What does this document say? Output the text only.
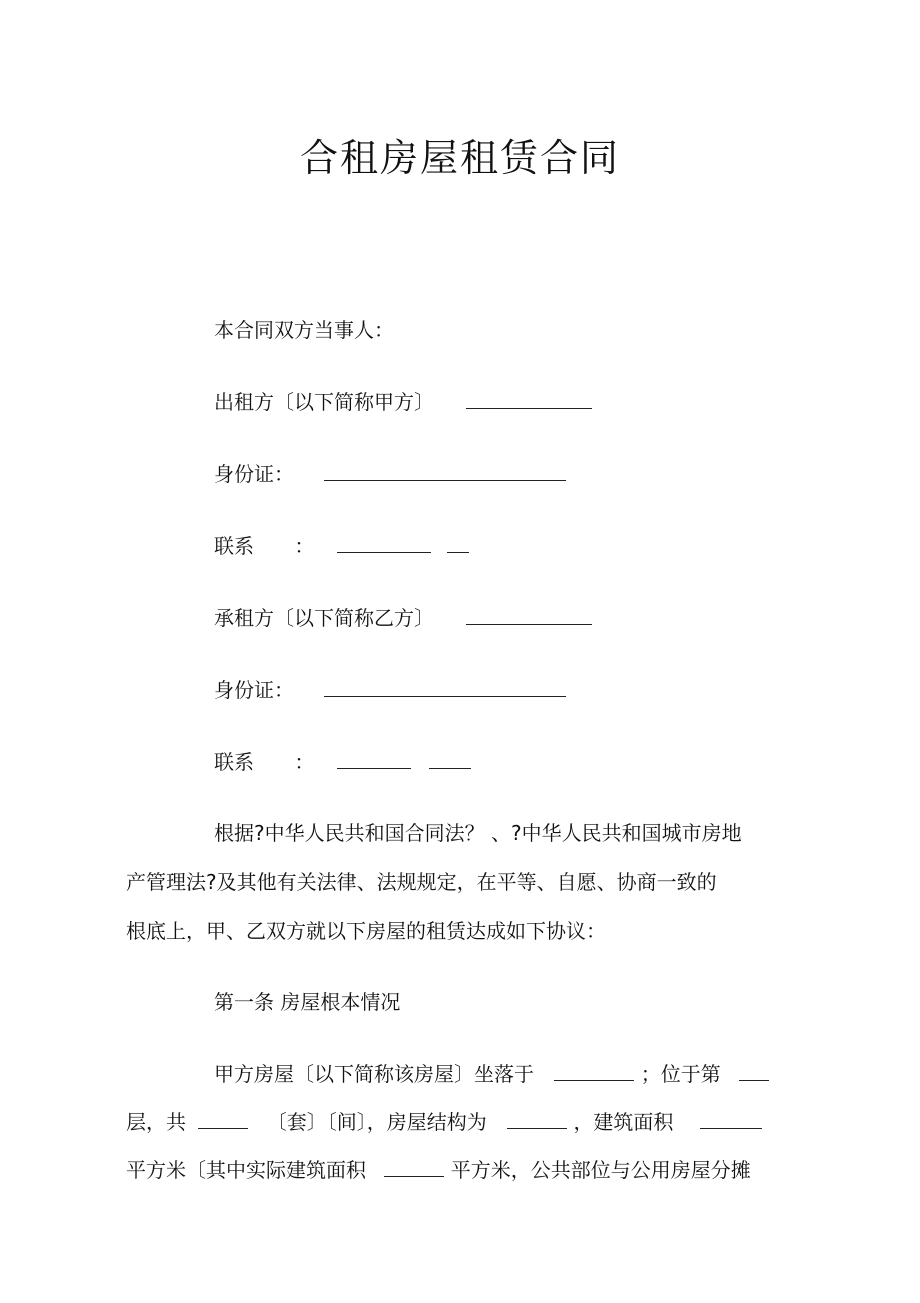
合租房屋租赁合同
本合同双方当事人：
出租方〔以下简称甲方〕
身份证：
联系 ：
承租方〔以下简称乙方〕
身份证：
联系 ：
根据?中华人民共和国合同法？ 、?中华人民共和国城市房地
产管理法?及其他有关法律、法规规定，在平等、自愿、协商一致的
根底上，甲、乙双方就以下房屋的租赁达成如下协议：
第一条 房屋根本情况
甲方房屋〔以下简称该房屋〕坐落于	；位于第
层，共	〔套〕〔间〕，房屋结构为	，建筑面积
平方米〔其中实际建筑面积	平方米，公共部位与公用房屋分摊
